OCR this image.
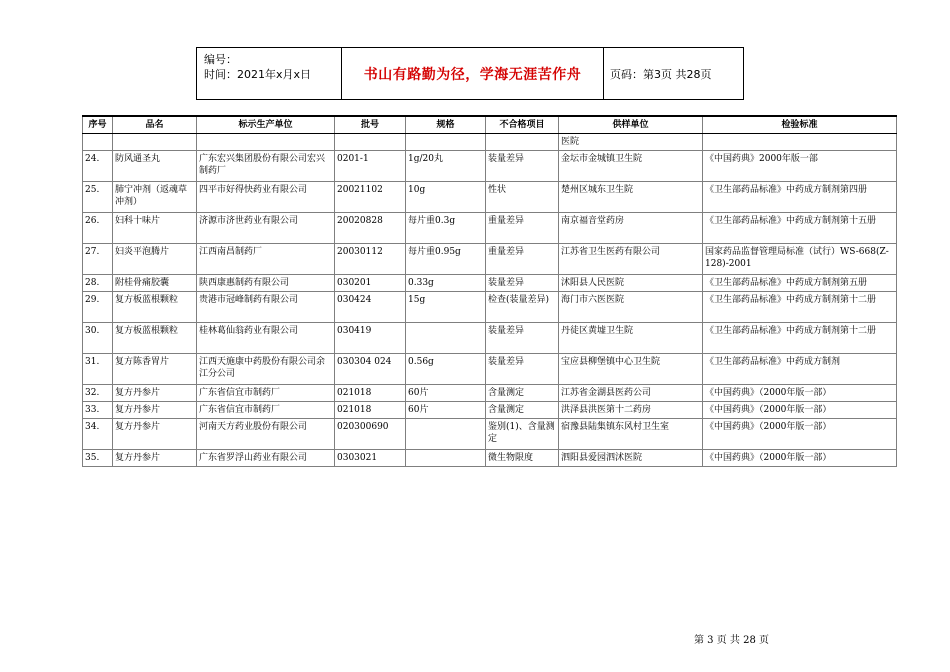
编号：
时间：2021年x月x日	书山有路勤为径，学海无涯苦作舟	页码：第3页 共28页
序号	品名	标示生产单位	批号	规格	不合格项目	供样单位	检验标准
						医院	
24.	防风通圣丸	广东宏兴集团股份有限公司宏兴制药厂	0201-1	1g/20丸	装量差异	金坛市金城镇卫生院	《中国药典》2000年版一部
25.	肺宁冲剂（返魂草冲剂）	四平市好得快药业有限公司	20021102	10g	性状	楚州区城东卫生院	《卫生部药品标准》中药成方制剂第四册
26.	妇科十味片	济源市济世药业有限公司	20020828	每片重0.3g	重量差异	南京福音堂药房	《卫生部药品标准》中药成方制剂第十五册
27.	妇炎平泡腾片	江西南昌制药厂	20030112	每片重0.95g	重量差异	江苏省卫生医药有限公司	国家药品监督管理局标准（试行）WS-668(Z-128)-2001
28.	附桂骨痛胶囊	陕西康惠制药有限公司	030201	0.33g	装量差异	沭阳县人民医院	《卫生部药品标准》中药成方制剂第五册
29.	复方板蓝根颗粒	贵港市冠峰制药有限公司	030424	15g	检查(装量差异)	海门市六医医院	《卫生部药品标准》中药成方制剂第十二册
30.	复方板蓝根颗粒	桂林葛仙翁药业有限公司	030419		装量差异	丹徒区黄墟卫生院	《卫生部药品标准》中药成方制剂第十二册
31.	复方陈香胃片	江西天施康中药股份有限公司余江分公司	030304 024	0.56g	装量差异	宝应县柳堡镇中心卫生院	《卫生部药品标准》中药成方制剂
32.	复方丹参片	广东省信宜市制药厂	021018	60片	含量测定	江苏省金湖县医药公司	《中国药典》（2000年版一部）
33.	复方丹参片	广东省信宜市制药厂	021018	60片	含量测定	洪泽县洪医第十二药房	《中国药典》（2000年版一部）
34.	复方丹参片	河南天方药业股份有限公司	020300690		鉴别(1)、含量测定	宿豫县陆集镇东风村卫生室	《中国药典》（2000年版一部）
35.	复方丹参片	广东省罗浮山药业有限公司	0303021		微生物限度	泗阳县爱园泗沭医院	《中国药典》（2000年版一部）
第 3 页 共 28 页
